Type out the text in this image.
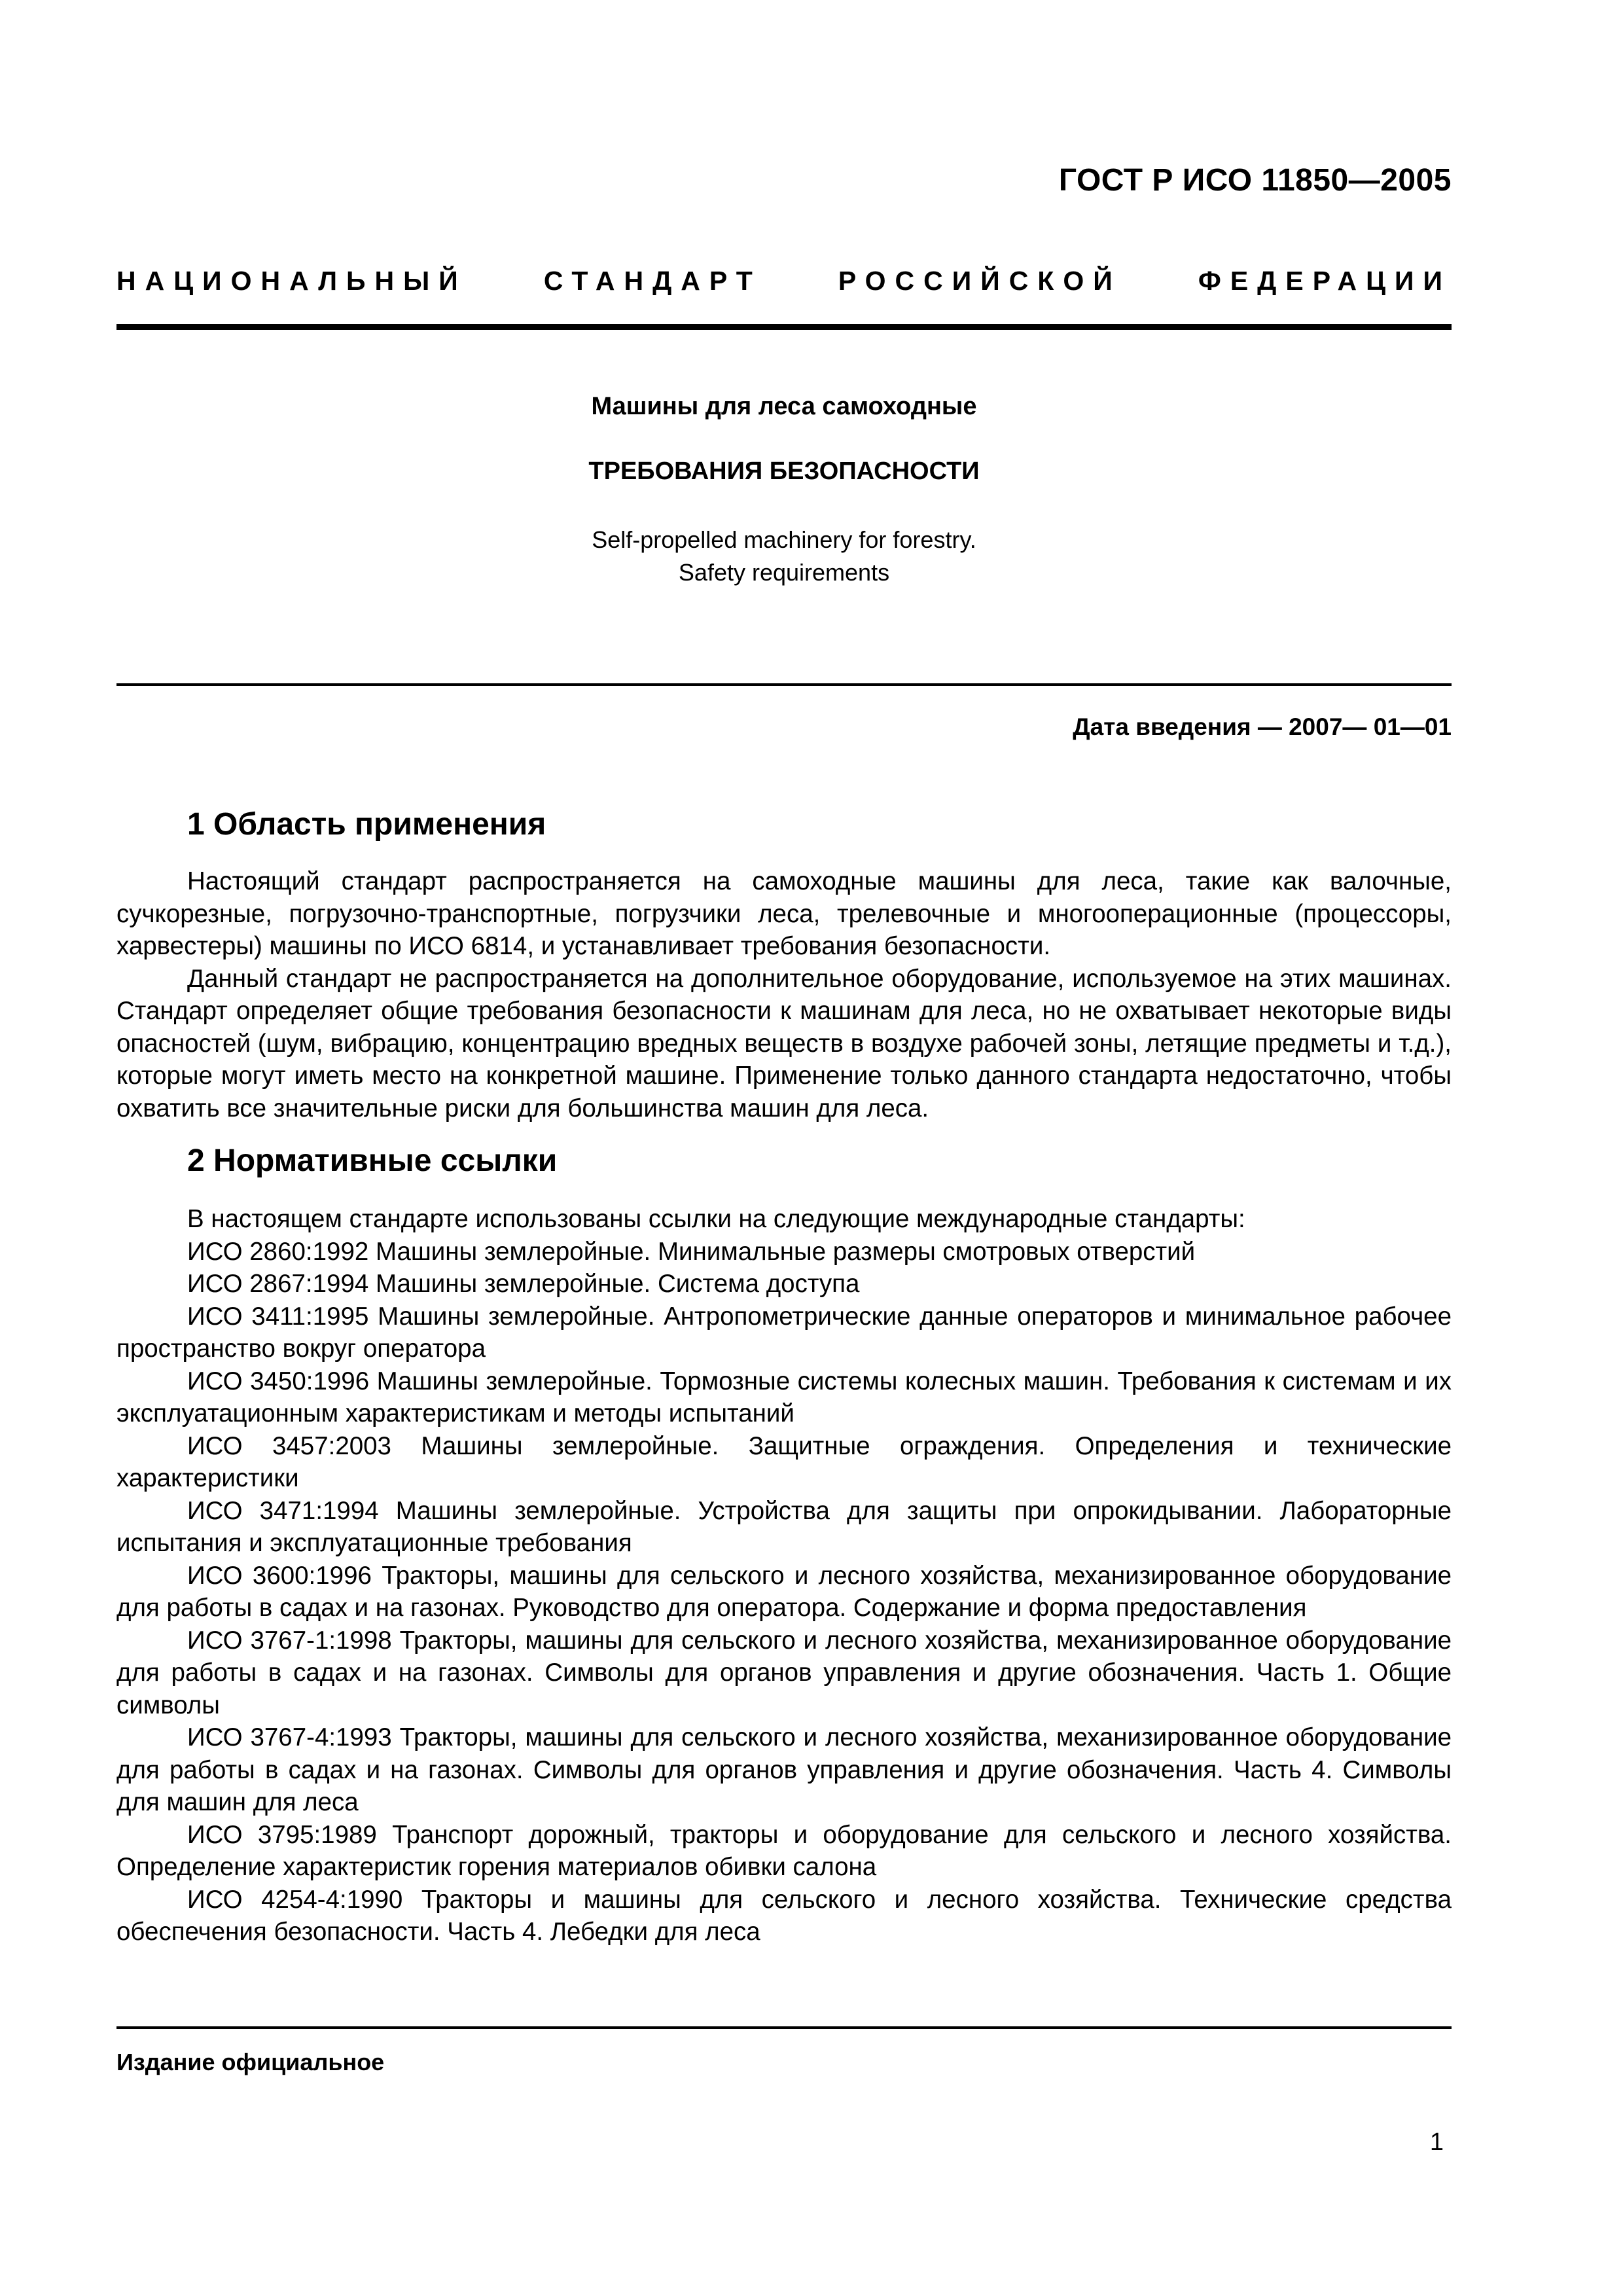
ГОСТ Р ИСО 11850—2005
НАЦИОНАЛЬНЫЙ	СТАНДАРТ	РОССИЙСКОЙ	ФЕДЕРАЦИИ
Машины для леса самоходные
ТРЕБОВАНИЯ БЕЗОПАСНОСТИ
Self-propelled machinery for forestry.
Safety requirements
Дата введения — 2007— 01—01
1 Область применения

Настоящий стандарт распространяется на самоходные машины для леса, такие как валочные, сучкорезные, погрузочно-транспортные, погрузчики леса, трелевочные и многооперационные (процессоры, харвестеры) машины по ИСО 6814, и устанавливает требования безопасности.

Данный стандарт не распространяется на дополнительное оборудование, используемое на этих машинах. Стандарт определяет общие требования безопасности к машинам для леса, но не охватывает некоторые виды опасностей (шум, вибрацию, концентрацию вредных веществ в воздухе рабочей зоны, летящие предметы и т.д.), которые могут иметь место на конкретной машине. Применение только данного стандарта недостаточно, чтобы охватить все значительные риски для большинства машин для леса.

2 Нормативные ссылки

В настоящем стандарте использованы ссылки на следующие международные стандарты:

ИСО 2860:1992 Машины землеройные. Минимальные размеры смотровых отверстий
ИСО 2867:1994 Машины землеройные. Система доступа
ИСО 3411:1995 Машины землеройные. Антропометрические данные операторов и минимальное рабочее пространство вокруг оператора
ИСО 3450:1996 Машины землеройные. Тормозные системы колесных машин. Требования к системам и их эксплуатационным характеристикам и методы испытаний
ИСО 3457:2003 Машины землеройные. Защитные ограждения. Определения и технические характеристики
ИСО 3471:1994 Машины землеройные. Устройства для защиты при опрокидывании. Лабораторные испытания и эксплуатационные требования
ИСО 3600:1996 Тракторы, машины для сельского и лесного хозяйства, механизированное оборудование для работы в садах и на газонах. Руководство для оператора. Содержание и форма предоставления
ИСО 3767-1:1998 Тракторы, машины для сельского и лесного хозяйства, механизированное оборудование для работы в садах и на газонах. Символы для органов управления и другие обозначения. Часть 1. Общие символы
ИСО 3767-4:1993 Тракторы, машины для сельского и лесного хозяйства, механизированное оборудование для работы в садах и на газонах. Символы для органов управления и другие обозначения. Часть 4. Символы для машин для леса
ИСО 3795:1989 Транспорт дорожный, тракторы и оборудование для сельского и лесного хозяйства. Определение характеристик горения материалов обивки салона
ИСО 4254-4:1990 Тракторы и машины для сельского и лесного хозяйства. Технические средства обеспечения безопасности. Часть 4. Лебедки для леса
Издание официальное
1
